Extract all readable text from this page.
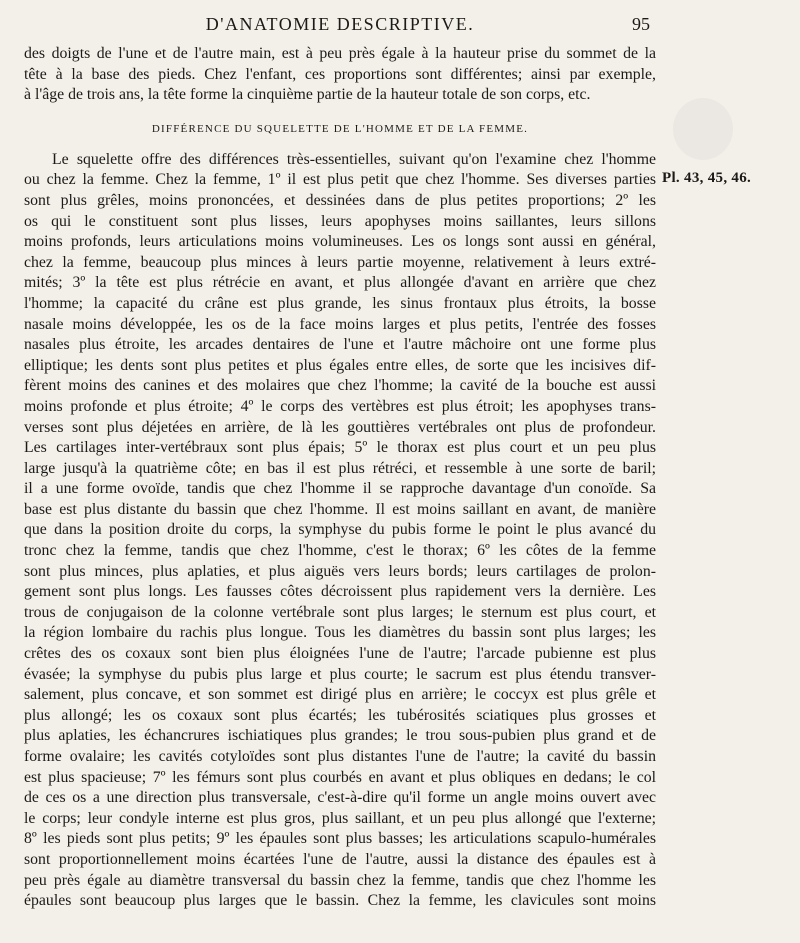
D'ANATOMIE DESCRIPTIVE.	95
Pl. 43, 45, 46.
des doigts de l'une et de l'autre main, est à peu près égale à la hauteur prise du sommet de la
tête à la base des pieds. Chez l'enfant, ces proportions sont différentes; ainsi par exemple,
à l'âge de trois ans, la tête forme la cinquième partie de la hauteur totale de son corps, etc.
DIFFÉRENCE DU SQUELETTE DE L'HOMME ET DE LA FEMME.
Le squelette offre des différences très-essentielles, suivant qu'on l'examine chez l'homme
ou chez la femme. Chez la femme, 1º il est plus petit que chez l'homme. Ses diverses parties
sont plus grêles, moins prononcées, et dessinées dans de plus petites proportions; 2º les
os qui le constituent sont plus lisses, leurs apophyses moins saillantes, leurs sillons
moins profonds, leurs articulations moins volumineuses. Les os longs sont aussi en général,
chez la femme, beaucoup plus minces à leurs partie moyenne, relativement à leurs extré-
mités; 3º la tête est plus rétrécie en avant, et plus allongée d'avant en arrière que chez
l'homme; la capacité du crâne est plus grande, les sinus frontaux plus étroits, la bosse
nasale moins développée, les os de la face moins larges et plus petits, l'entrée des fosses
nasales plus étroite, les arcades dentaires de l'une et l'autre mâchoire ont une forme plus
elliptique; les dents sont plus petites et plus égales entre elles, de sorte que les incisives dif-
fèrent moins des canines et des molaires que chez l'homme; la cavité de la bouche est aussi
moins profonde et plus étroite; 4º le corps des vertèbres est plus étroit; les apophyses trans-
verses sont plus déjetées en arrière, de là les gouttières vertébrales ont plus de profondeur.
Les cartilages inter-vertébraux sont plus épais; 5º le thorax est plus court et un peu plus
large jusqu'à la quatrième côte; en bas il est plus rétréci, et ressemble à une sorte de baril;
il a une forme ovoïde, tandis que chez l'homme il se rapproche davantage d'un conoïde. Sa
base est plus distante du bassin que chez l'homme. Il est moins saillant en avant, de manière
que dans la position droite du corps, la symphyse du pubis forme le point le plus avancé du
tronc chez la femme, tandis que chez l'homme, c'est le thorax; 6º les côtes de la femme
sont plus minces, plus aplaties, et plus aiguës vers leurs bords; leurs cartilages de prolon-
gement sont plus longs. Les fausses côtes décroissent plus rapidement vers la dernière. Les
trous de conjugaison de la colonne vertébrale sont plus larges; le sternum est plus court, et
la région lombaire du rachis plus longue. Tous les diamètres du bassin sont plus larges; les
crêtes des os coxaux sont bien plus éloignées l'une de l'autre; l'arcade pubienne est plus
évasée; la symphyse du pubis plus large et plus courte; le sacrum est plus étendu transver-
salement, plus concave, et son sommet est dirigé plus en arrière; le coccyx est plus grêle et
plus allongé; les os coxaux sont plus écartés; les tubérosités sciatiques plus grosses et
plus aplaties, les échancrures ischiatiques plus grandes; le trou sous-pubien plus grand et de
forme ovalaire; les cavités cotyloïdes sont plus distantes l'une de l'autre; la cavité du bassin
est plus spacieuse; 7º les fémurs sont plus courbés en avant et plus obliques en dedans; le col
de ces os a une direction plus transversale, c'est-à-dire qu'il forme un angle moins ouvert avec
le corps; leur condyle interne est plus gros, plus saillant, et un peu plus allongé que l'externe;
8º les pieds sont plus petits; 9º les épaules sont plus basses; les articulations scapulo-humérales
sont proportionnellement moins écartées l'une de l'autre, aussi la distance des épaules est à
peu près égale au diamètre transversal du bassin chez la femme, tandis que chez l'homme les
épaules sont beaucoup plus larges que le bassin. Chez la femme, les clavicules sont moins
